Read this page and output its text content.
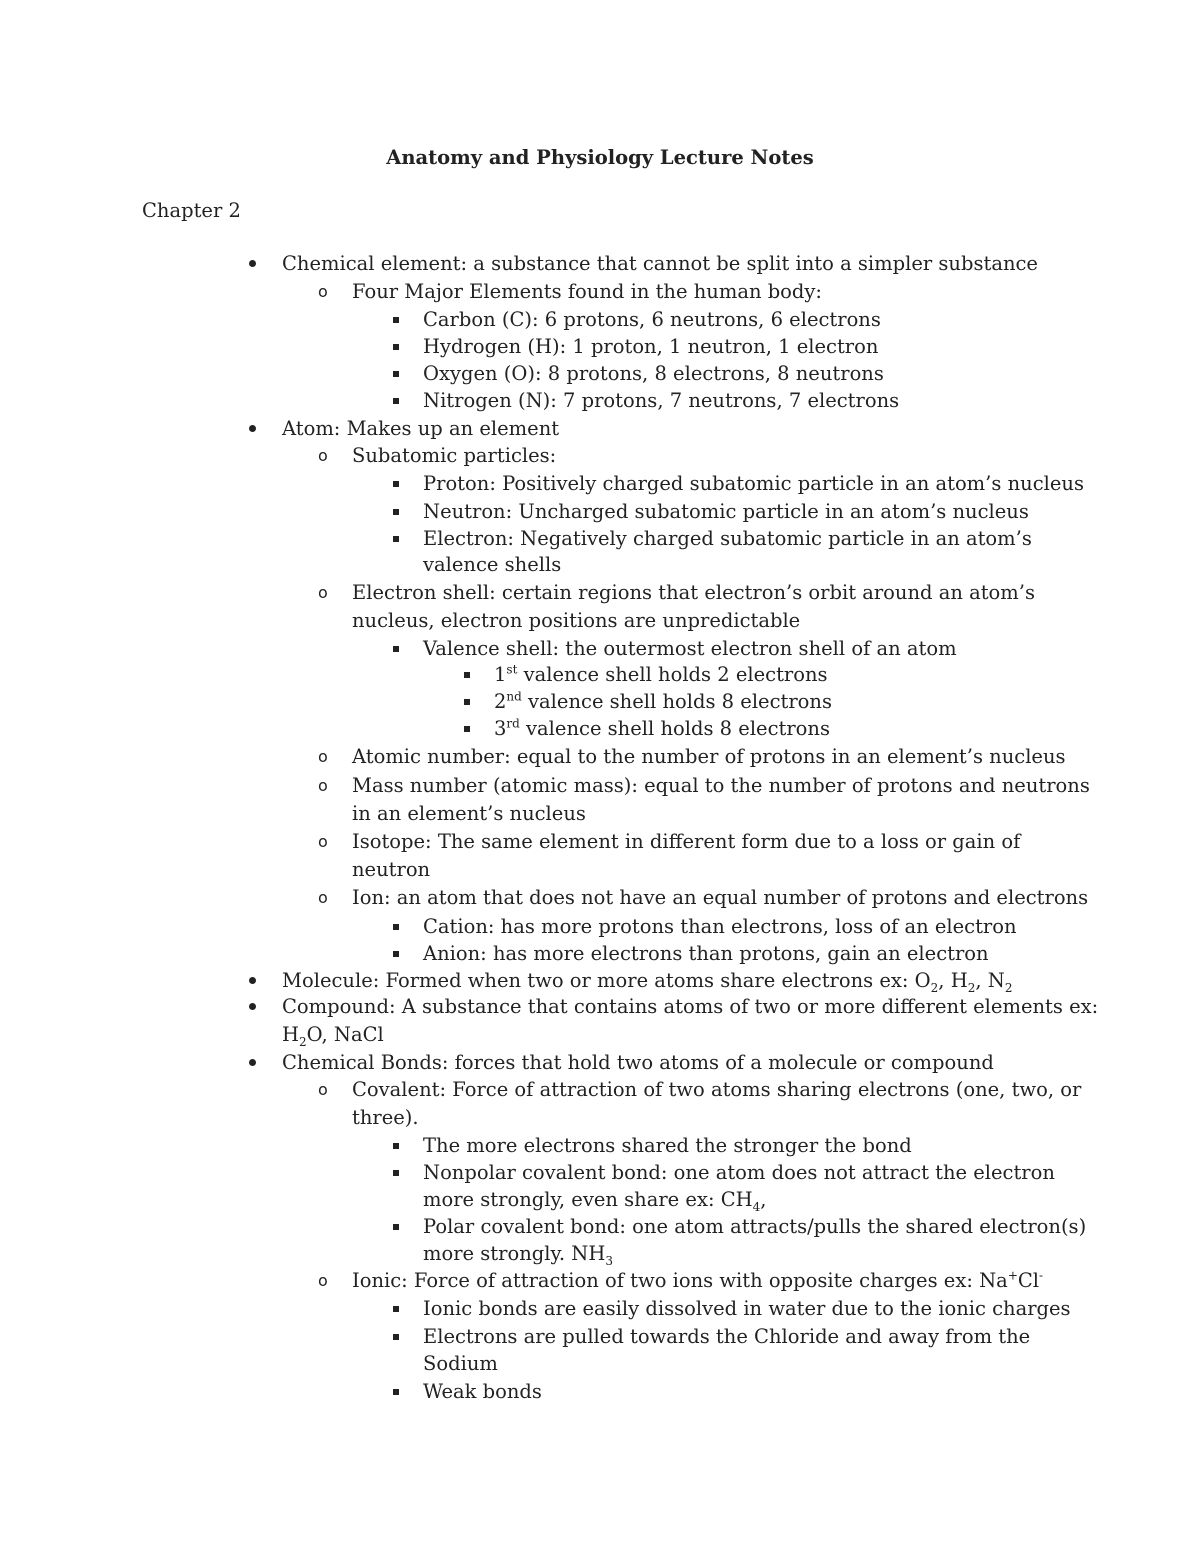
Anatomy and Physiology Lecture Notes
Chapter 2
Chemical element: a substance that cannot be split into a simpler substance
o Four Major Elements found in the human body:
Carbon (C): 6 protons, 6 neutrons, 6 electrons
Hydrogen (H): 1 proton, 1 neutron, 1 electron
Oxygen (O): 8 protons, 8 electrons, 8 neutrons
Nitrogen (N): 7 protons, 7 neutrons, 7 electrons
Atom: Makes up an element
o Subatomic particles:
Proton: Positively charged subatomic particle in an atom’s nucleus
Neutron: Uncharged subatomic particle in an atom’s nucleus
Electron: Negatively charged subatomic particle in an atom’s
valence shells
o Electron shell: certain regions that electron’s orbit around an atom’s
nucleus, electron positions are unpredictable
Valence shell: the outermost electron shell of an atom
1st valence shell holds 2 electrons
2nd valence shell holds 8 electrons
3rd valence shell holds 8 electrons
o Atomic number: equal to the number of protons in an element’s nucleus
o Mass number (atomic mass): equal to the number of protons and neutrons
in an element’s nucleus
o Isotope: The same element in different form due to a loss or gain of
neutron
o Ion: an atom that does not have an equal number of protons and electrons
Cation: has more protons than electrons, loss of an electron
Anion: has more electrons than protons, gain an electron
Molecule: Formed when two or more atoms share electrons ex: $O_2$, $H_2$, $N_2$
Compound: A substance that contains atoms of two or more different elements ex:
$H_2O$, NaCl
Chemical Bonds: forces that hold two atoms of a molecule or compound
o Covalent: Force of attraction of two atoms sharing electrons (one, two, or
three).
The more electrons shared the stronger the bond
Nonpolar covalent bond: one atom does not attract the electron
more strongly, even share ex: $CH_4$,
Polar covalent bond: one atom attracts/pulls the shared electron(s)
more strongly. $NH_3$
o Ionic: Force of attraction of two ions with opposite charges ex: Na+Cl-
Ionic bonds are easily dissolved in water due to the ionic charges
Electrons are pulled towards the Chloride and away from the
Sodium
Weak bonds
